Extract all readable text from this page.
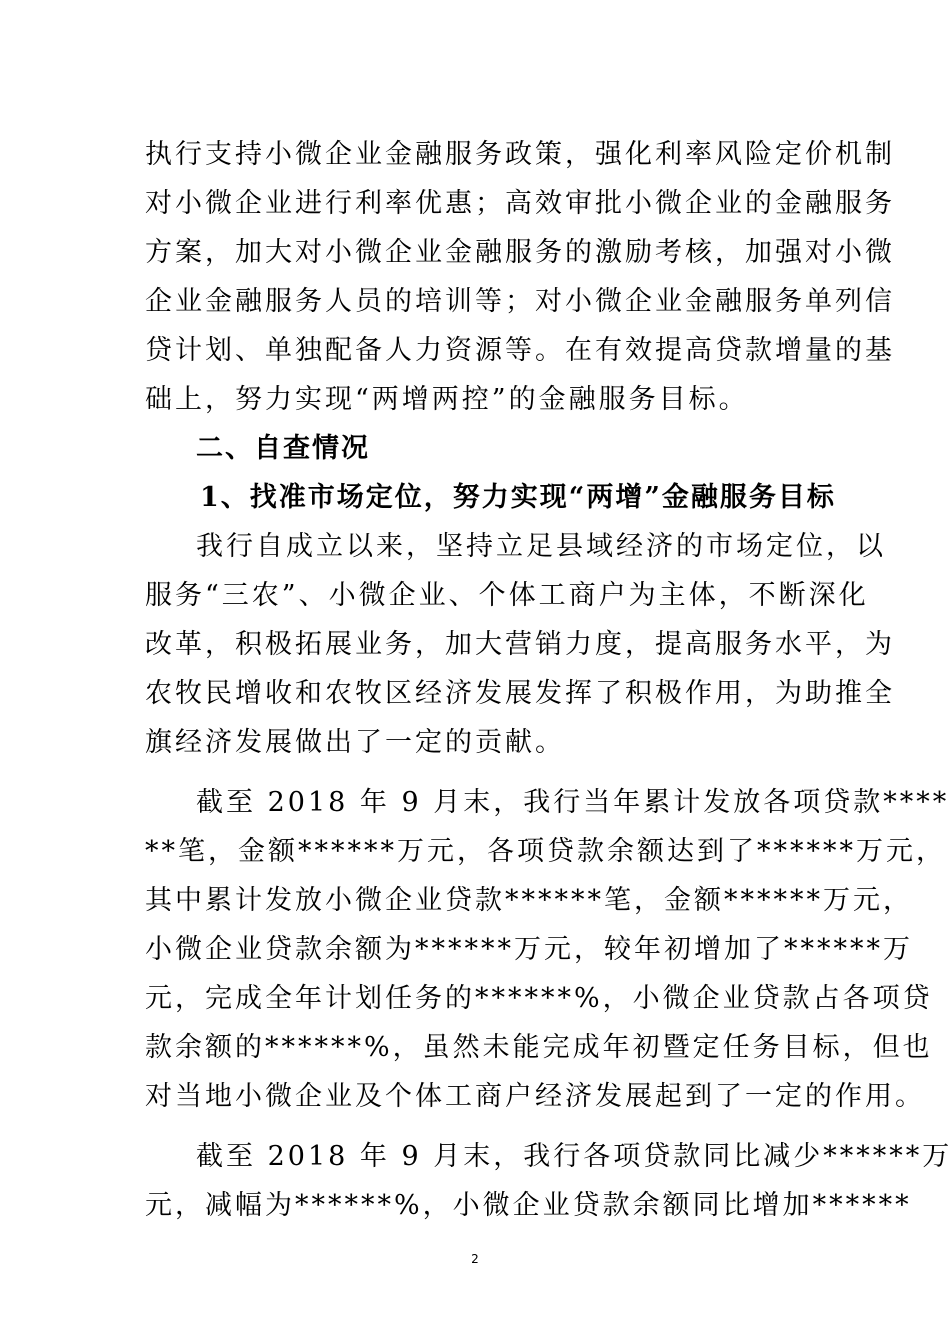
执行支持小微企业金融服务政策，强化利率风险定价机制
对小微企业进行利率优惠；高效审批小微企业的金融服务
方案，加大对小微企业金融服务的激励考核，加强对小微
企业金融服务人员的培训等；对小微企业金融服务单列信
贷计划、单独配备人力资源等。在有效提高贷款增量的基
础上，努力实现“两增两控”的金融服务目标。
二、自查情况
1、找准市场定位，努力实现“两增”金融服务目标
我行自成立以来，坚持立足县域经济的市场定位，以
服务“三农”、小微企业、个体工商户为主体，不断深化
改革，积极拓展业务，加大营销力度，提高服务水平，为
农牧民增收和农牧区经济发展发挥了积极作用，为助推全
旗经济发展做出了一定的贡献。
截至 2018 年 9 月末，我行当年累计发放各项贷款****
**笔，金额******万元，各项贷款余额达到了******万元，
其中累计发放小微企业贷款******笔，金额******万元，
小微企业贷款余额为******万元，较年初增加了******万
元，完成全年计划任务的******%，小微企业贷款占各项贷
款余额的******%，虽然未能完成年初暨定任务目标，但也
对当地小微企业及个体工商户经济发展起到了一定的作用。
截至 2018 年 9 月末，我行各项贷款同比减少******万
元，减幅为******%，小微企业贷款余额同比增加******
2
